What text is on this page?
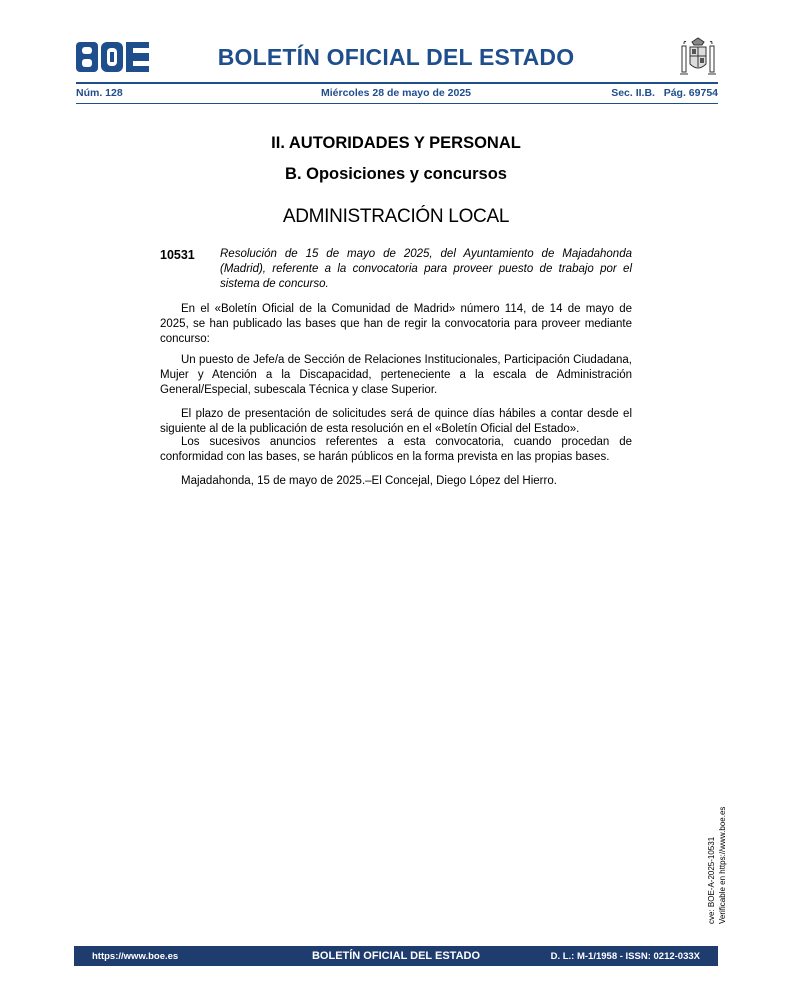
BOLETÍN OFICIAL DEL ESTADO
Núm. 128	Miércoles 28 de mayo de 2025	Sec. II.B.   Pág. 69754
II. AUTORIDADES Y PERSONAL
B. Oposiciones y concursos
ADMINISTRACIÓN LOCAL
10531 Resolución de 15 de mayo de 2025, del Ayuntamiento de Majadahonda (Madrid), referente a la convocatoria para proveer puesto de trabajo por el sistema de concurso.

En el «Boletín Oficial de la Comunidad de Madrid» número 114, de 14 de mayo de 2025, se han publicado las bases que han de regir la convocatoria para proveer mediante concurso:

Un puesto de Jefe/a de Sección de Relaciones Institucionales, Participación Ciudadana, Mujer y Atención a la Discapacidad, perteneciente a la escala de Administración General/Especial, subescala Técnica y clase Superior.

El plazo de presentación de solicitudes será de quince días hábiles a contar desde el siguiente al de la publicación de esta resolución en el «Boletín Oficial del Estado».

Los sucesivos anuncios referentes a esta convocatoria, cuando procedan de conformidad con las bases, se harán públicos en la forma prevista en las propias bases.

Majadahonda, 15 de mayo de 2025.–El Concejal, Diego López del Hierro.

cve: BOE-A-2025-10531 Verificable en https://www.boe.es
https://www.boe.es	BOLETÍN OFICIAL DEL ESTADO	D. L.: M-1/1958 - ISSN: 0212-033X
